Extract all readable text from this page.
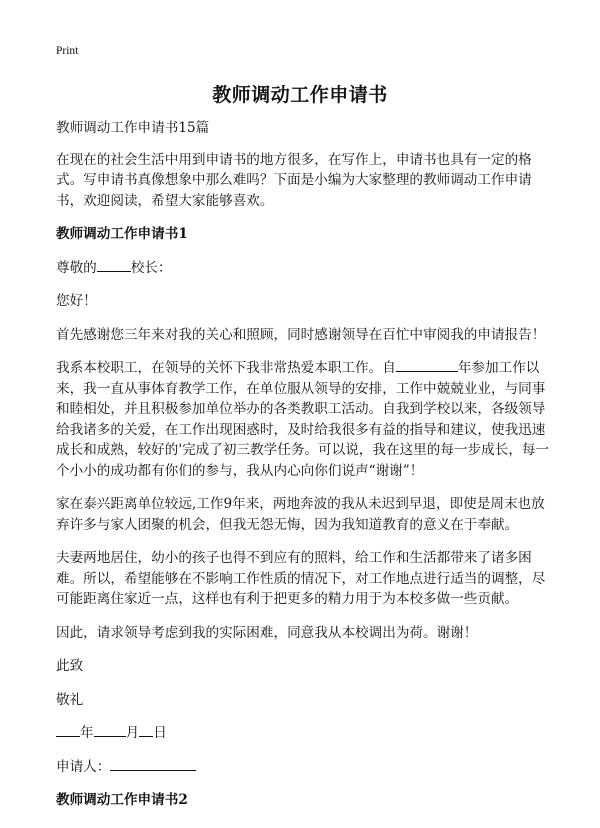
Print
教师调动工作申请书

教师调动工作申请书15篇

在现在的社会生活中用到申请书的地方很多，在写作上，申请书也具有一定的格式。写申请书真像想象中那么难吗？下面是小编为大家整理的教师调动工作申请书，欢迎阅读，希望大家能够喜欢。

教师调动工作申请书1

尊敬的	校长：

您好！

首先感谢您三年来对我的关心和照顾，同时感谢领导在百忙中审阅我的申请报告！

我系本校职工，在领导的关怀下我非常热爱本职工作。自	年参加工作以来，我一直从事体育教学工作，在单位服从领导的安排，工作中兢兢业业，与同事和睦相处，并且积极参加单位举办的各类教职工活动。自我到学校以来，各级领导给我诸多的关爱，在工作出现困惑时，及时给我很多有益的指导和建议，使我迅速成长和成熟，较好的'完成了初三教学任务。可以说，我在这里的每一步成长，每一个小小的成功都有你们的参与，我从内心向你们说声“谢谢”！

家在泰兴距离单位较远,工作9年来，两地奔波的我从未迟到早退，即使是周末也放弃许多与家人团聚的机会，但我无怨无悔，因为我知道教育的意义在于奉献。

夫妻两地居住，幼小的孩子也得不到应有的照料，给工作和生活都带来了诸多困难。所以，希望能够在不影响工作性质的情况下，对工作地点进行适当的调整，尽可能距离住家近一点，这样也有利于把更多的精力用于为本校多做一些贡献。

因此，请求领导考虑到我的实际困难，同意我从本校调出为荷。谢谢！

此致

敬礼

年 月 日

申请人：

教师调动工作申请书2
